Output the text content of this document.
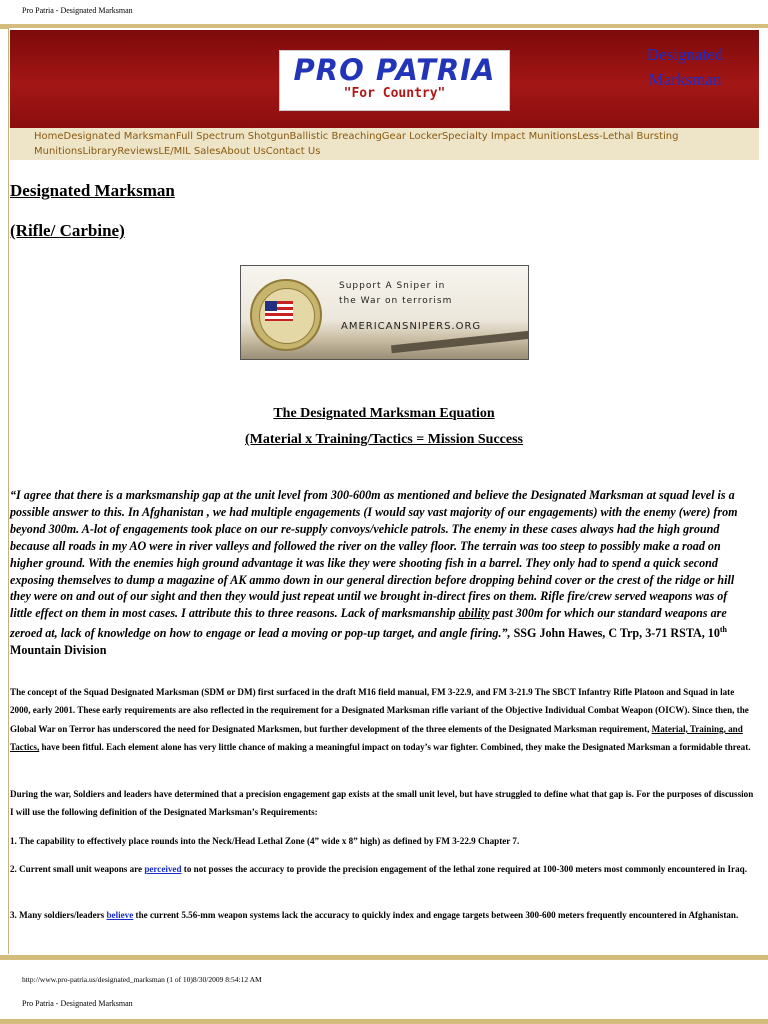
Pro Patria - Designated Marksman
PRO PATRIA
"For Country"
Designated
Marksman
HomeDesignated MarksmanFull Spectrum ShotgunBallistic BreachingGear LockerSpecialty Impact MunitionsLess-Lethal Bursting MunitionsLibraryReviewsLE/MIL SalesAbout UsContact Us
Designated Marksman
(Rifle/ Carbine)
Support A Sniper in
the War on terrorism
AMERICANSNIPERS.ORG
The Designated Marksman Equation
(Material x Training/Tactics = Mission Success
“I agree that there is a marksmanship gap at the unit level from 300-600m as mentioned and believe the Designated Marksman at squad level is a possible answer to this. In Afghanistan , we had multiple engagements (I would say vast majority of our engagements) with the enemy (were) from beyond 300m. A-lot of engagements took place on our re-supply convoys/vehicle patrols. The enemy in these cases always had the high ground because all roads in my AO were in river valleys and followed the river on the valley floor. The terrain was too steep to possibly make a road on higher ground. With the enemies high ground advantage it was like they were shooting fish in a barrel. They only had to spend a quick second exposing themselves to dump a magazine of AK ammo down in our general direction before dropping behind cover or the crest of the ridge or hill they were on and out of our sight and then they would just repeat until we brought in-direct fires on them. Rifle fire/crew served weapons was of little effect on them in most cases. I attribute this to three reasons. Lack of marksmanship ability past 300m for which our standard weapons are zeroed at, lack of knowledge on how to engage or lead a moving or pop-up target, and angle firing.”, SSG John Hawes, C Trp, 3-71 RSTA, 10th Mountain Division
The concept of the Squad Designated Marksman (SDM or DM) first surfaced in the draft M16 field manual, FM 3-22.9, and FM 3-21.9 The SBCT Infantry Rifle Platoon and Squad in late 2000, early 2001. These early requirements are also reflected in the requirement for a Designated Marksman rifle variant of the Objective Individual Combat Weapon (OICW). Since then, the Global War on Terror has underscored the need for Designated Marksmen, but further development of the three elements of the Designated Marksman requirement, Material, Training, and Tactics, have been fitful. Each element alone has very little chance of making a meaningful impact on today’s war fighter. Combined, they make the Designated Marksman a formidable threat.
During the war, Soldiers and leaders have determined that a precision engagement gap exists at the small unit level, but have struggled to define what that gap is. For the purposes of discussion I will use the following definition of the Designated Marksman’s Requirements:
1. The capability to effectively place rounds into the Neck/Head Lethal Zone (4” wide x 8” high) as defined by FM 3-22.9 Chapter 7.
2. Current small unit weapons are perceived to not posses the accuracy to provide the precision engagement of the lethal zone required at 100-300 meters most commonly encountered in Iraq.
3. Many soldiers/leaders believe the current 5.56-mm weapon systems lack the accuracy to quickly index and engage targets between 300-600 meters frequently encountered in Afghanistan.
http://www.pro-patria.us/designated_marksman (1 of 10)8/30/2009 8:54:12 AM
Pro Patria - Designated Marksman
